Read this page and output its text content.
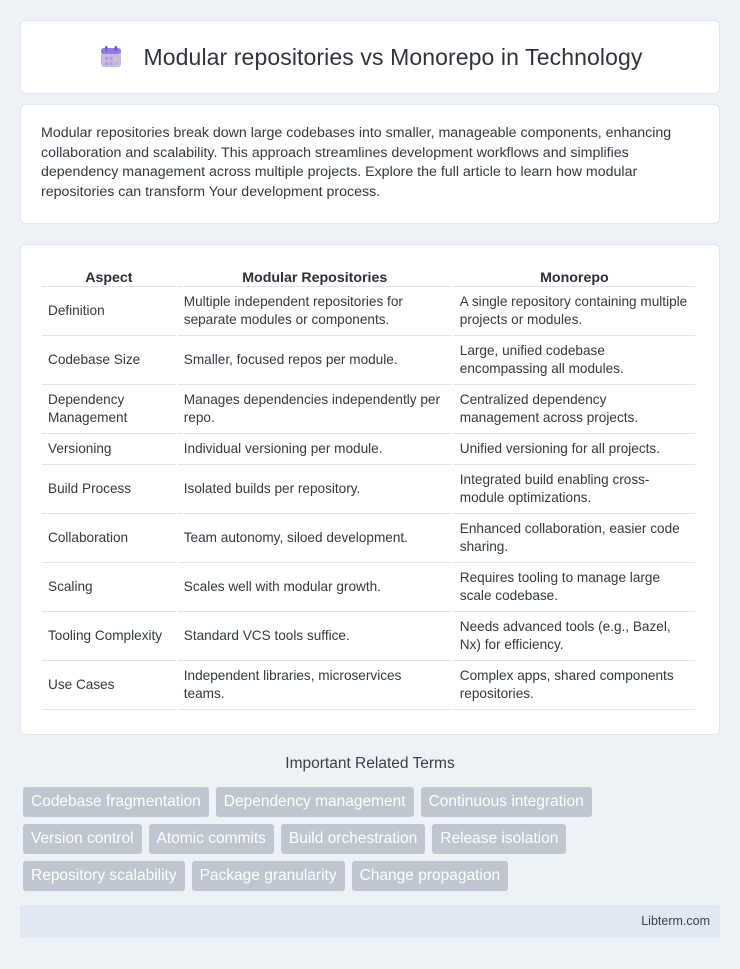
Modular repositories vs Monorepo in Technology

Modular repositories break down large codebases into smaller, manageable components, enhancing collaboration and scalability. This approach streamlines development workflows and simplifies dependency management across multiple projects. Explore the full article to learn how modular repositories can transform Your development process.

Aspect	Modular Repositories	Monorepo
Definition	Multiple independent repositories for separate modules or components.	A single repository containing multiple projects or modules.
Codebase Size	Smaller, focused repos per module.	Large, unified codebase encompassing all modules.
Dependency Management	Manages dependencies independently per repo.	Centralized dependency management across projects.
Versioning	Individual versioning per module.	Unified versioning for all projects.
Build Process	Isolated builds per repository.	Integrated build enabling cross-module optimizations.
Collaboration	Team autonomy, siloed development.	Enhanced collaboration, easier code sharing.
Scaling	Scales well with modular growth.	Requires tooling to manage large scale codebase.
Tooling Complexity	Standard VCS tools suffice.	Needs advanced tools (e.g., Bazel, Nx) for efficiency.
Use Cases	Independent libraries, microservices teams.	Complex apps, shared components repositories.
Important Related Terms
Codebase fragmentation	Dependency management	Continuous integration
Version control	Atomic commits	Build orchestration	Release isolation
Repository scalability	Package granularity	Change propagation
Libterm.com
